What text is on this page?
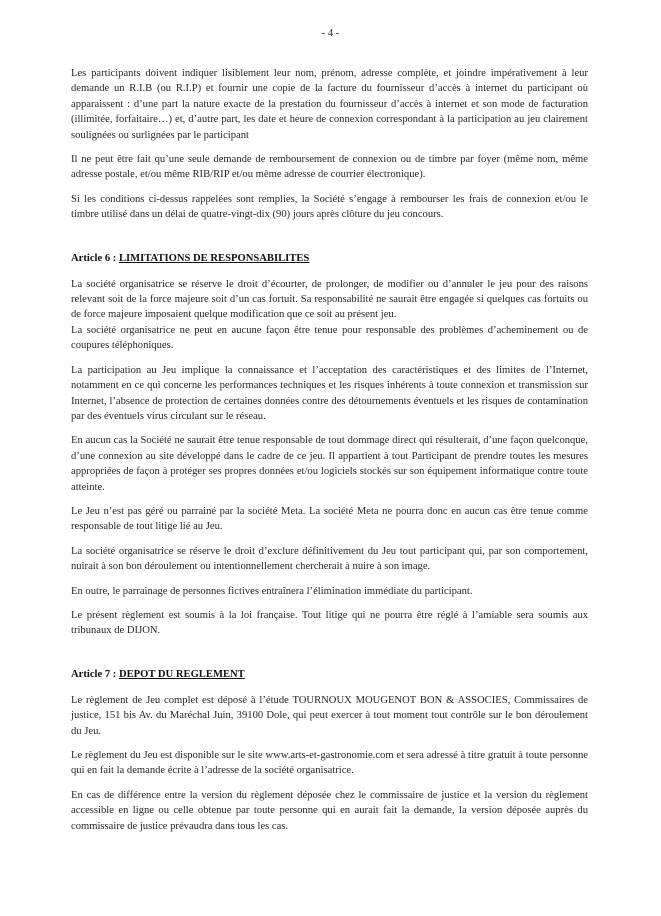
- 4 -

Les participants doivent indiquer lisiblement leur nom, prénom, adresse complète, et joindre impérativement à leur demande un R.I.B (ou R.I.P) et fournir une copie de la facture du fournisseur d’accès à internet du participant où apparaissent : d’une part la nature exacte de la prestation du fournisseur d’accès à internet et son mode de facturation (illimitée, forfaitaire…) et, d’autre part, les date et heure de connexion correspondant à la participation au jeu clairement soulignées ou surlignées par le participant

Il ne peut être fait qu’une seule demande de remboursement de connexion ou de timbre par foyer (même nom, même adresse postale, et/ou même RIB/RIP et/ou même adresse de courrier électronique).

Si les conditions ci-dessus rappelées sont remplies, la Société s’engage à rembourser les frais de connexion et/ou le timbre utilisé dans un délai de quatre-vingt-dix (90) jours après clôture du jeu concours.

Article 6 : LIMITATIONS DE RESPONSABILITES

La société organisatrice se réserve le droit d’écourter, de prolonger, de modifier ou d’annuler le jeu pour des raisons relevant soit de la force majeure soit d’un cas fortuit. Sa responsabilité ne saurait être engagée si quelques cas fortuits ou de force majeure imposaient quelque modification que ce soit au présent jeu.

La société organisatrice ne peut en aucune façon être tenue pour responsable des problèmes d’acheminement ou de coupures téléphoniques.

La participation au Jeu implique la connaissance et l’acceptation des caractéristiques et des limites de l’Internet, notamment en ce qui concerne les performances techniques et les risques inhérents à toute connexion et transmission sur Internet, l’absence de protection de certaines données contre des détournements éventuels et les risques de contamination par des éventuels virus circulant sur le réseau.

En aucun cas la Société ne saurait être tenue responsable de tout dommage direct qui résulterait, d’une façon quelconque, d’une connexion au site développé dans le cadre de ce jeu. Il appartient à tout Participant de prendre toutes les mesures appropriées de façon à protéger ses propres données et/ou logiciels stockés sur son équipement informatique contre toute atteinte.

Le Jeu n’est pas géré ou parrainé par la société Meta. La société Meta ne pourra donc en aucun cas être tenue comme responsable de tout litige lié au Jeu.

La société organisatrice se réserve le droit d’exclure définitivement du Jeu tout participant qui, par son comportement, nuirait à son bon déroulement ou intentionnellement chercherait à nuire à son image.

En outre, le parrainage de personnes fictives entraînera l’élimination immédiate du participant.

Le présent règlement est soumis à la loi française. Tout litige qui ne pourra être réglé à l’amiable sera soumis aux tribunaux de DIJON.

Article 7 : DEPOT DU REGLEMENT

Le règlement de Jeu complet est déposé à l’étude TOURNOUX MOUGENOT BON & ASSOCIES, Commissaires de justice, 151 bis Av. du Maréchal Juin, 39100 Dole, qui peut exercer à tout moment tout contrôle sur le bon déroulement du Jeu.

Le règlement du Jeu est disponible sur le site www.arts-et-gastronomie.com et sera adressé à titre gratuit à toute personne qui en fait la demande écrite à l’adresse de la société organisatrice.

En cas de différence entre la version du règlement déposée chez le commissaire de justice et la version du règlement accessible en ligne ou celle obtenue par toute personne qui en aurait fait la demande, la version déposée auprès du commissaire de justice prévaudra dans tous les cas.
